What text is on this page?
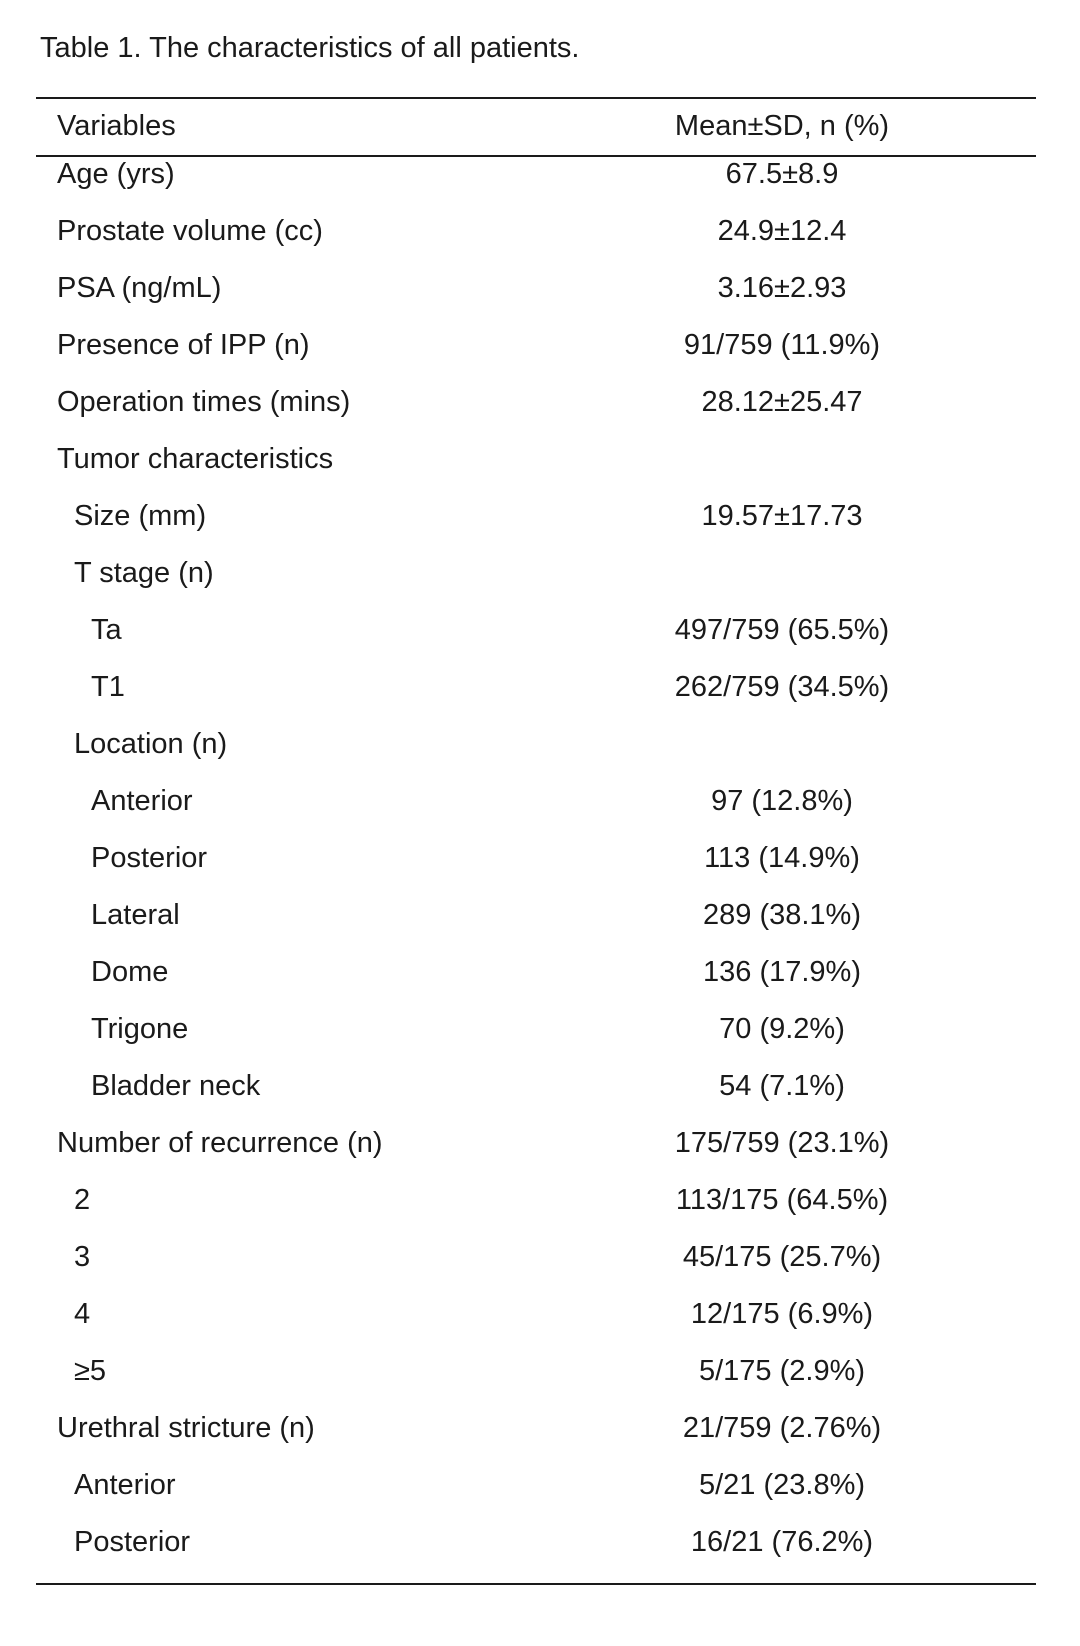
Table 1. The characteristics of all patients.
Variables	Mean±SD, n (%)
Age (yrs)	67.5±8.9
Prostate volume (cc)	24.9±12.4
PSA (ng/mL)	3.16±2.93
Presence of IPP (n)	91/759 (11.9%)
Operation times (mins)	28.12±25.47
Tumor characteristics
Size (mm)	19.57±17.73
T stage (n)
Ta	497/759 (65.5%)
T1	262/759 (34.5%)
Location (n)
Anterior	97 (12.8%)
Posterior	113 (14.9%)
Lateral	289 (38.1%)
Dome	136 (17.9%)
Trigone	70 (9.2%)
Bladder neck	54 (7.1%)
Number of recurrence (n)	175/759 (23.1%)
2	113/175 (64.5%)
3	45/175 (25.7%)
4	12/175 (6.9%)
≥5	5/175 (2.9%)
Urethral stricture (n)	21/759 (2.76%)
Anterior	5/21 (23.8%)
Posterior	16/21 (76.2%)
